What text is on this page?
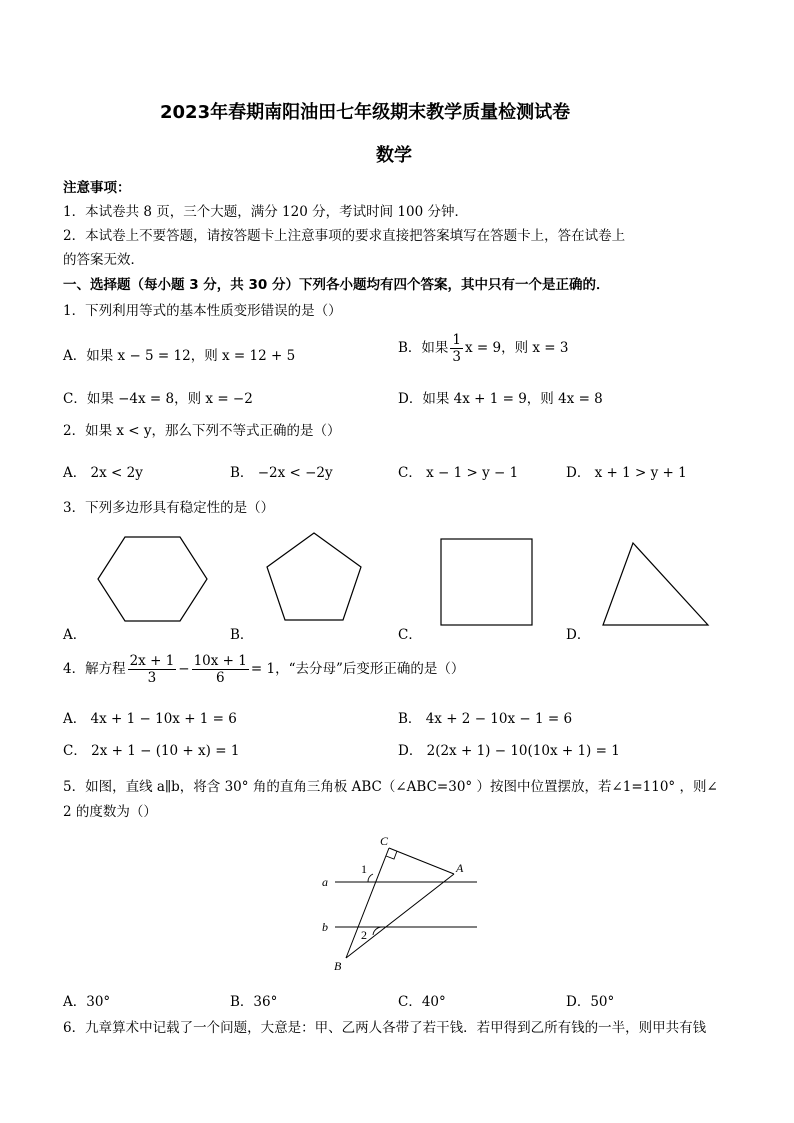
2023年春期南阳油田七年级期末教学质量检测试卷
数学
注意事项：
1．本试卷共 8 页，三个大题，满分 120 分，考试时间 100 分钟．
2．本试卷上不要答题，请按答题卡上注意事项的要求直接把答案填写在答题卡上，答在试卷上
的答案无效．
一、选择题（每小题 3 分，共 30 分）下列各小题均有四个答案，其中只有一个是正确的．
1．下列利用等式的基本性质变形错误的是（）
A．如果 x − 5 = 12，则 x = 12 + 5	B．如果 $\frac{1}{3}$ x = 9，则 x = 3
C．如果 −4x = 8，则 x = −2	D．如果 4x + 1 = 9，则 4x = 8
2．如果 x < y，那么下列不等式正确的是（）
A． 2x < 2y	B． −2x < −2y	C． x − 1 > y − 1	D． x + 1 > y + 1
3．下列多边形具有稳定性的是（）
A．	B．	C．	D．
4．解方程 $\frac{2x + 1}{3} - \frac{10x + 1}{6} = 1$，“去分母”后变形正确的是（）
A． 4x + 1 − 10x + 1 = 6	B． 4x + 2 − 10x − 1 = 6
C． 2x + 1 − (10 + x) = 1	D． 2(2x + 1) − 10(10x + 1) = 1
5．如图，直线 a∥b，将含 30° 角的直角三角板 ABC（∠ABC=30° ）按图中位置摆放，若∠1=110° ，则∠
2 的度数为（）
C
A
B
a
b
1
2
A．30°	B．36°	C．40°	D．50°
6．九章算术中记载了一个问题，大意是：甲、乙两人各带了若干钱．若甲得到乙所有钱的一半，则甲共有钱
